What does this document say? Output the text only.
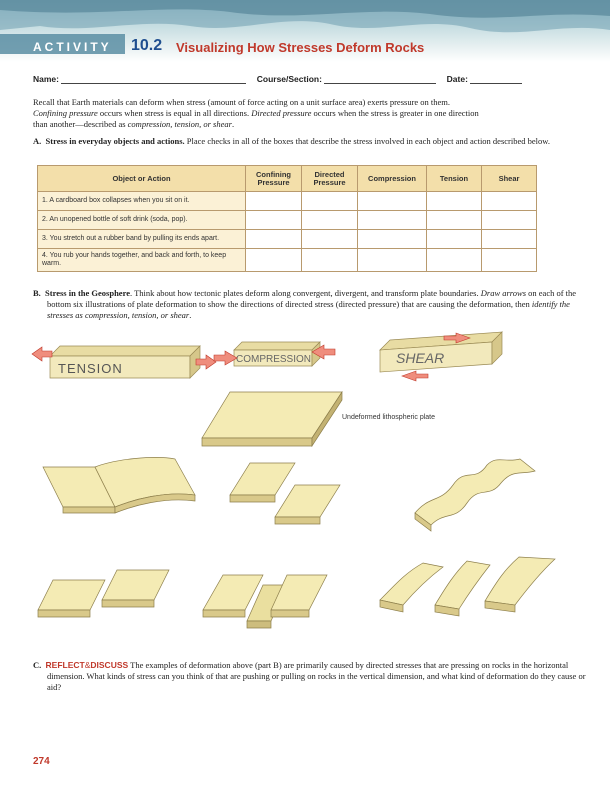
ACTIVITY 10.2 Visualizing How Stresses Deform Rocks
Name:	Course/Section:	Date:
Recall that Earth materials can deform when stress (amount of force acting on a unit surface area) exerts pressure on them.
Confining pressure occurs when stress is equal in all directions. Directed pressure occurs when the stress is greater in one direction
than another—described as compression, tension, or shear.
A. Stress in everyday objects and actions. Place checks in all of the boxes that describe the stress involved in each object and action described below.
Object or Action	Confining Pressure	Directed Pressure	Compression	Tension	Shear
1. A cardboard box collapses when you sit on it.					
2. An unopened bottle of soft drink (soda, pop).					
3. You stretch out a rubber band by pulling its ends apart.					
4. You rub your hands together, and back and forth, to keep warm.					
B. Stress in the Geosphere. Think about how tectonic plates deform along convergent, divergent, and transform plate boundaries. Draw arrows on each of the bottom six illustrations of plate deformation to show the directions of directed stress (directed pressure) that are causing the deformation, then identify the stresses as compression, tension, or shear.
TENSION
COMPRESSION	SHEAR
Undeformed lithospheric plate
C. REFLECT&DISCUSS The examples of deformation above (part B) are primarily caused by directed stresses that are pressing on rocks in the horizontal dimension. What kinds of stress can you think of that are pushing or pulling on rocks in the vertical dimension, and what kind of deformation do they cause or aid?
274
